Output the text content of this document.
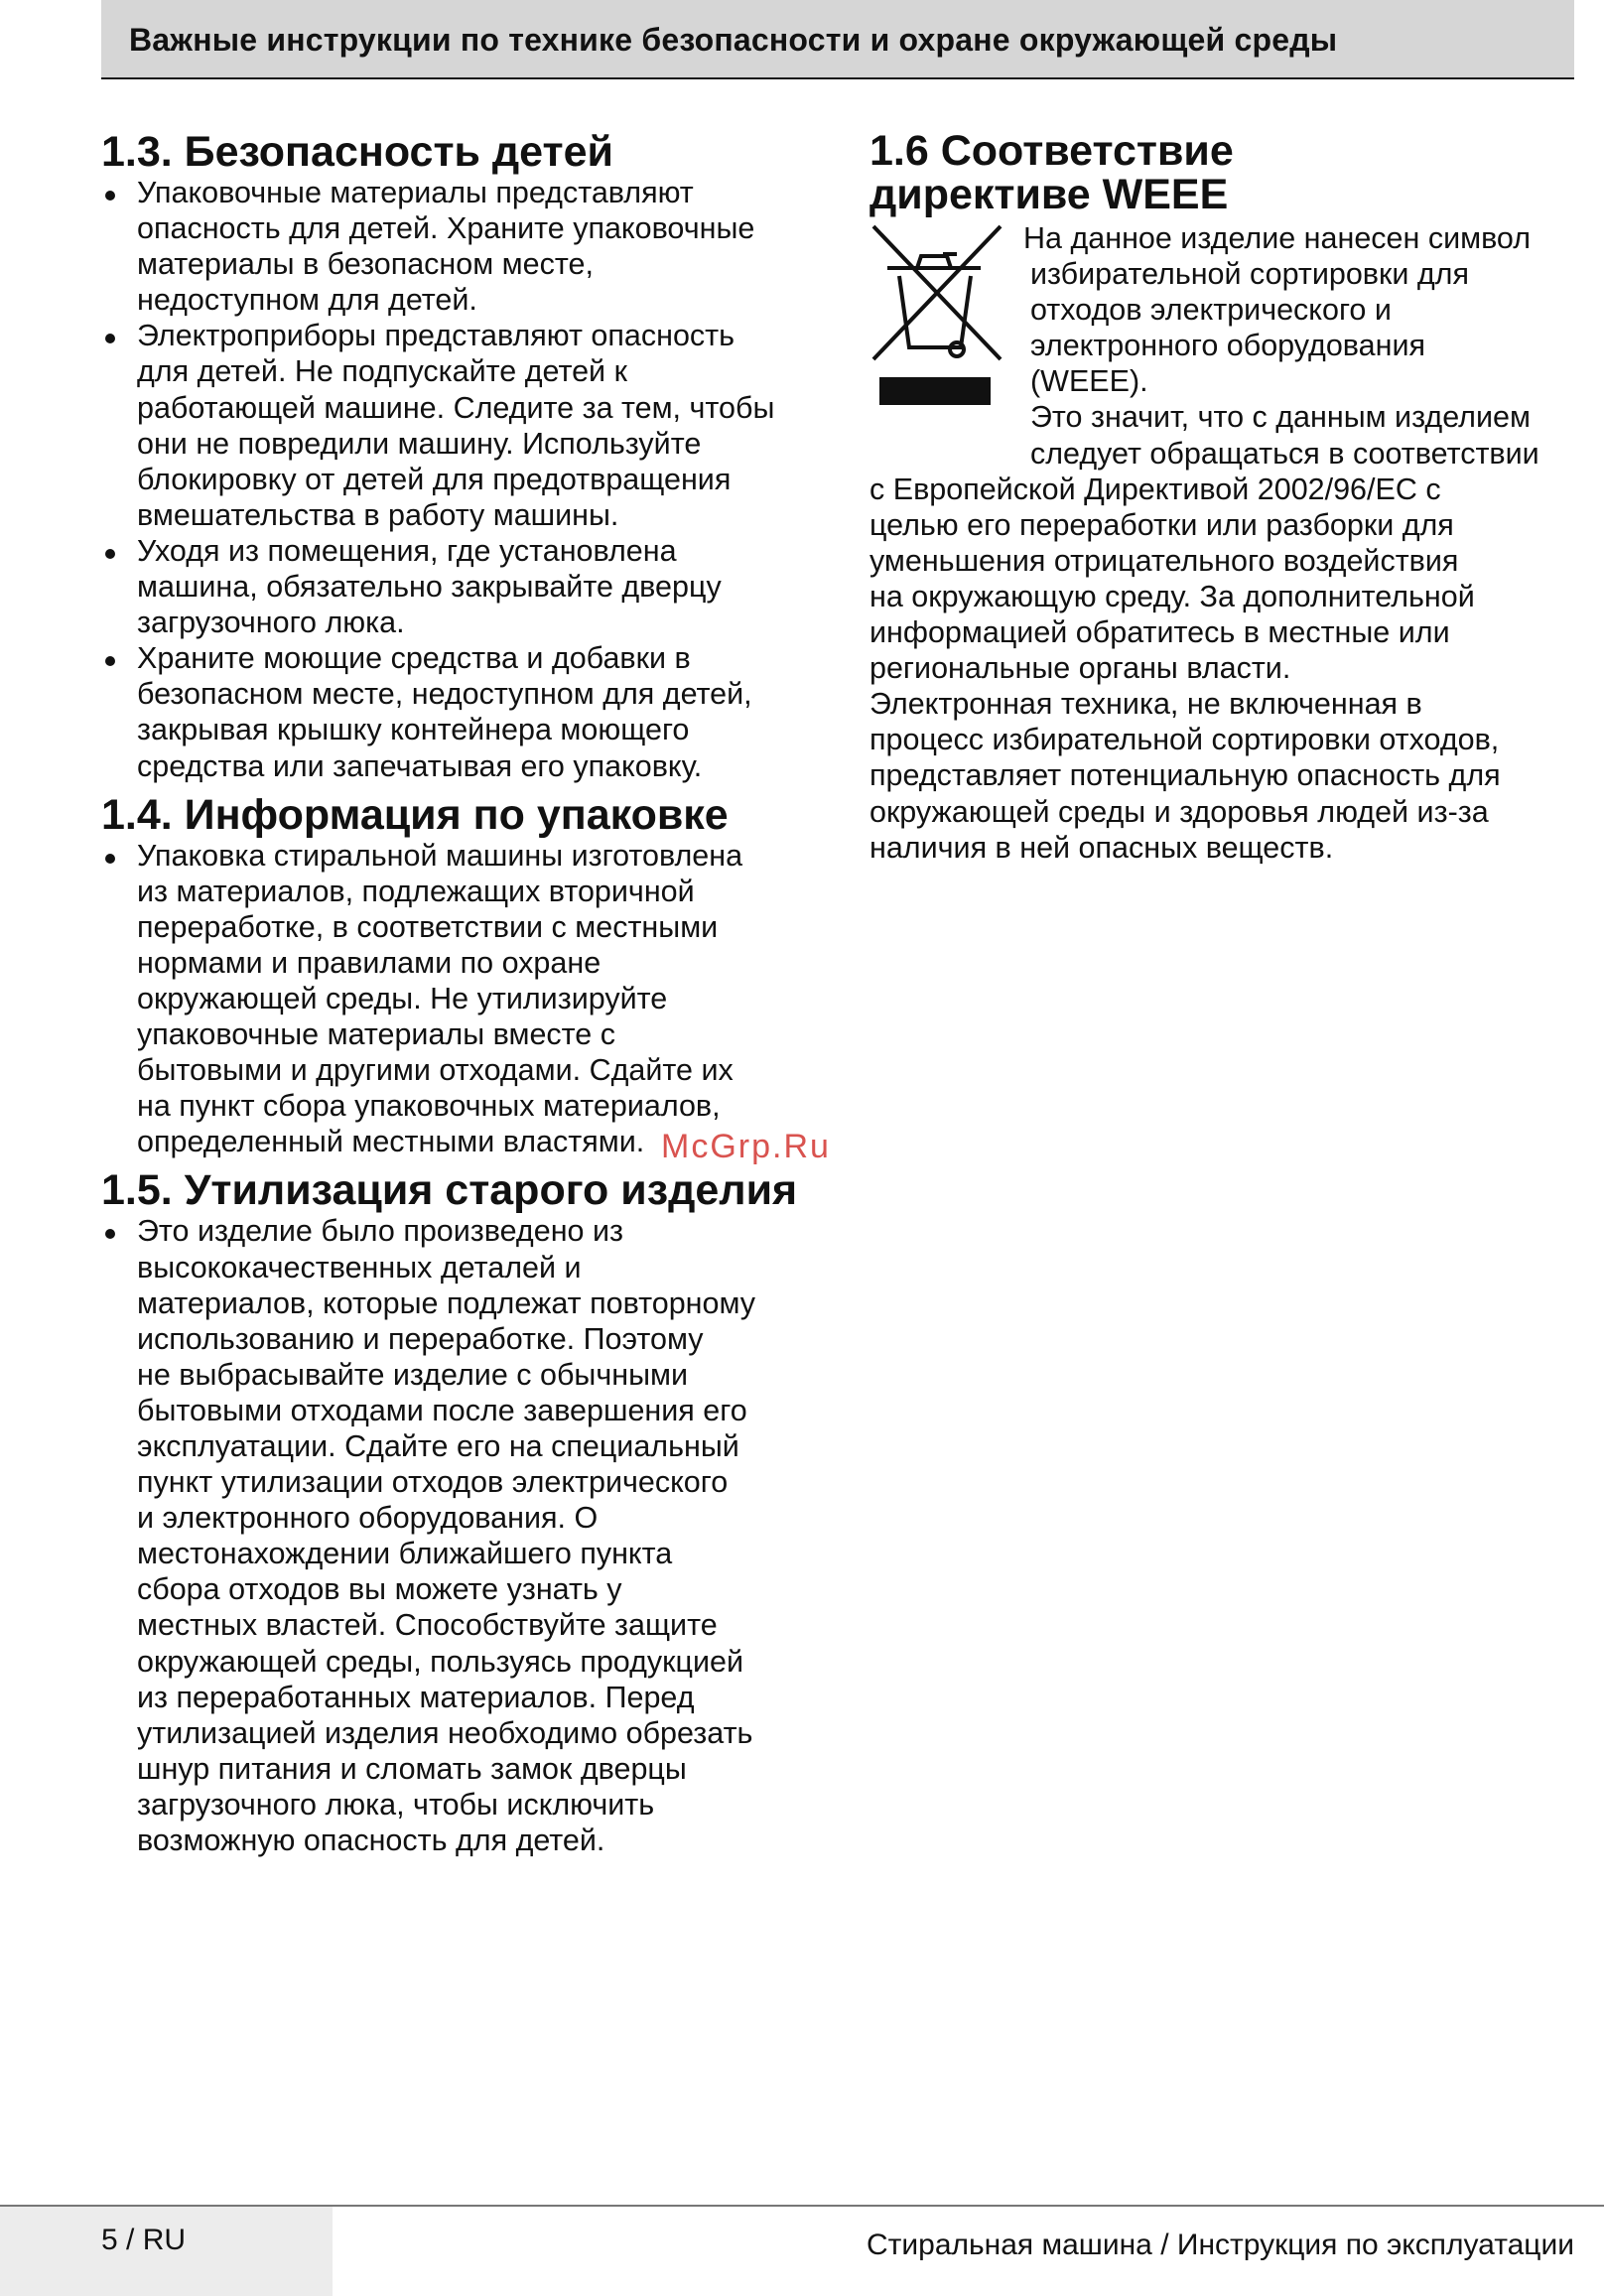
Важные инструкции по технике безопасности и охране окружающей среды
1.3. Безопасность детей
Упаковочные материалы представляют
опасность для детей. Храните упаковочные
материалы в безопасном месте,
недоступном для детей.
Электроприборы представляют опасность
для детей. Не подпускайте детей к
работающей машине. Следите за тем, чтобы
они не повредили машину. Используйте
блокировку от детей для предотвращения
вмешательства в работу машины.
Уходя из помещения, где установлена
машина, обязательно закрывайте дверцу
загрузочного люка.
Храните моющие средства и добавки в
безопасном месте, недоступном для детей,
закрывая крышку контейнера моющего
средства или запечатывая его упаковку.
1.4. Информация по упаковке
Упаковка стиральной машины изготовлена
из материалов, подлежащих вторичной
переработке, в соответствии с местными
нормами и правилами по охране
окружающей среды. Не утилизируйте
упаковочные материалы вместе с
бытовыми и другими отходами. Сдайте их
на пункт сбора упаковочных материалов,
определенный местными властями.
1.5. Утилизация старого изделия
Это изделие было произведено из
высококачественных деталей и
материалов, которые подлежат повторному
использованию и переработке. Поэтому
не выбрасывайте изделие с обычными
бытовыми отходами после завершения его
эксплуатации. Сдайте его на специальный
пункт утилизации отходов электрического
и электронного оборудования. О
местонахождении ближайшего пункта
сбора отходов вы можете узнать у
местных властей. Способствуйте защите
окружающей среды, пользуясь продукцией
из переработанных материалов. Перед
утилизацией изделия необходимо обрезать
шнур питания и сломать замок дверцы
загрузочного люка, чтобы исключить
возможную опасность для детей.
1.6 Соответствие
директиве WEEE
На данное изделие нанесен символ
избирательной сортировки для
отходов электрического и
электронного оборудования
(WEEE).
Это значит, что с данным изделием
следует обращаться в соответствии

с Европейской Директивой 2002/96/EC с
целью его переработки или разборки для
уменьшения отрицательного воздействия
на окружающую среду. За дополнительной
информацией обратитесь в местные или
региональные органы власти.
Электронная техника, не включенная в
процесс избирательной сортировки отходов,
представляет потенциальную опасность для
окружающей среды и здоровья людей из-за
наличия в ней опасных веществ.

McGrp.Ru
5 / RU	Стиральная машина / Инструкция по эксплуатации
